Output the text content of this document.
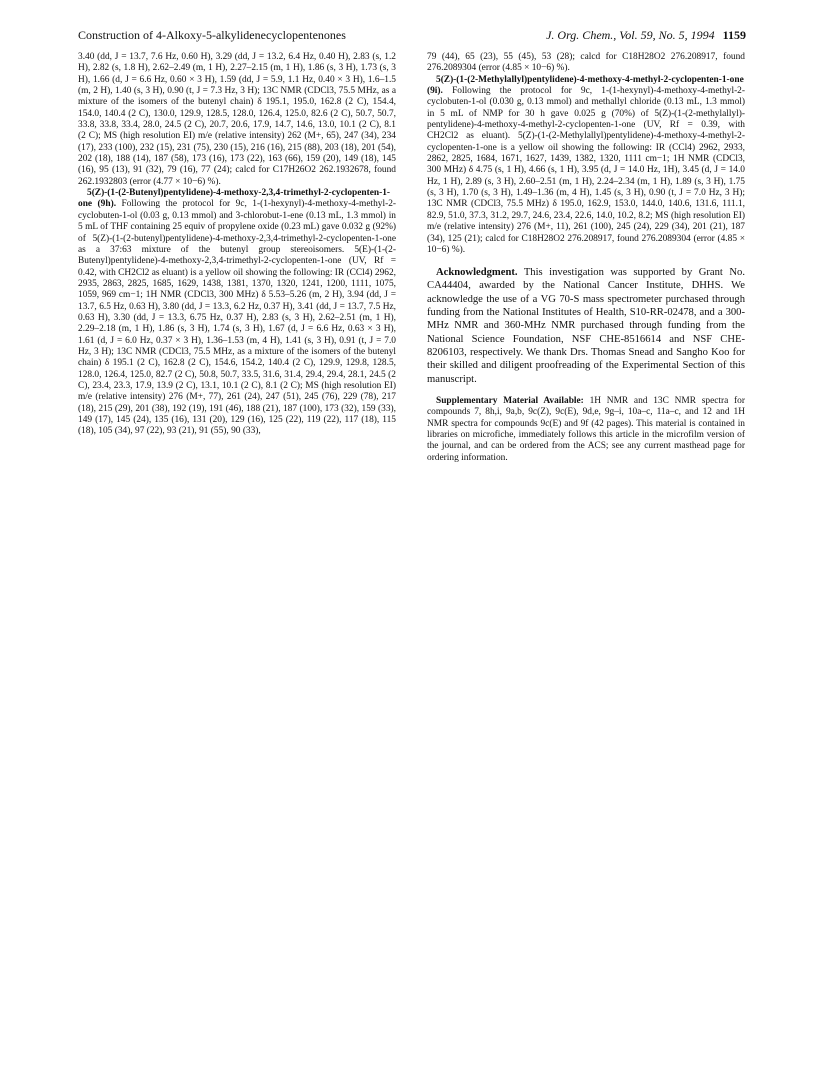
Construction of 4-Alkoxy-5-alkylidenecyclopentenones	J. Org. Chem., Vol. 59, No. 5, 1994 1159

3.40 (dd, J = 13.7, 7.6 Hz, 0.60 H), 3.29 (dd, J = 13.2, 6.4 Hz, 0.40 H), 2.83 (s, 1.2 H), 2.82 (s, 1.8 H), 2.62–2.49 (m, 1 H), 2.27–2.15 (m, 1 H), 1.86 (s, 3 H), 1.73 (s, 3 H), 1.66 (d, J = 6.6 Hz, 0.60 × 3 H), 1.59 (dd, J = 5.9, 1.1 Hz, 0.40 × 3 H), 1.6–1.5 (m, 2 H), 1.40 (s, 3 H), 0.90 (t, J = 7.3 Hz, 3 H); 13C NMR (CDCl3, 75.5 MHz, as a mixture of the isomers of the butenyl chain) δ 195.1, 195.0, 162.8 (2 C), 154.4, 154.0, 140.4 (2 C), 130.0, 129.9, 128.5, 128.0, 126.4, 125.0, 82.6 (2 C), 50.7, 50.7, 33.8, 33.8, 33.4, 28.0, 24.5 (2 C), 20.7, 20.6, 17.9, 14.7, 14.6, 13.0, 10.1 (2 C), 8.1 (2 C); MS (high resolution EI) m/e (relative intensity) 262 (M+, 65), 247 (34), 234 (17), 233 (100), 232 (15), 231 (75), 230 (15), 216 (16), 215 (88), 203 (18), 201 (54), 202 (18), 188 (14), 187 (58), 173 (16), 173 (22), 163 (66), 159 (20), 149 (18), 145 (16), 95 (13), 91 (32), 79 (16), 77 (24); calcd for C17H26O2 262.1932678, found 262.1932803 (error (4.77 × 10−6) %).

5(Z)-(1-(2-Butenyl)pentylidene)-4-methoxy-2,3,4-trimethyl-2-cyclopenten-1-one (9h). Following the protocol for 9c, 1-(1-hexynyl)-4-methoxy-4-methyl-2-cyclobuten-1-ol (0.03 g, 0.13 mmol) and 3-chlorobut-1-ene (0.13 mL, 1.3 mmol) in 5 mL of THF containing 25 equiv of propylene oxide (0.23 mL) gave 0.032 g (92%) of 5(Z)-(1-(2-butenyl)pentylidene)-4-methoxy-2,3,4-trimethyl-2-cyclopenten-1-one as a 37:63 mixture of the butenyl group stereoisomers. 5(E)-(1-(2-Butenyl)pentylidene)-4-methoxy-2,3,4-trimethyl-2-cyclopenten-1-one (UV, Rf = 0.42, with CH2Cl2 as eluant) is a yellow oil showing the following: IR (CCl4) 2962, 2935, 2863, 2825, 1685, 1629, 1438, 1381, 1370, 1320, 1241, 1200, 1111, 1075, 1059, 969 cm−1; 1H NMR (CDCl3, 300 MHz) δ 5.53–5.26 (m, 2 H), 3.94 (dd, J = 13.7, 6.5 Hz, 0.63 H), 3.80 (dd, J = 13.3, 6.2 Hz, 0.37 H), 3.41 (dd, J = 13.7, 7.5 Hz, 0.63 H), 3.30 (dd, J = 13.3, 6.75 Hz, 0.37 H), 2.83 (s, 3 H), 2.62–2.51 (m, 1 H), 2.29–2.18 (m, 1 H), 1.86 (s, 3 H), 1.74 (s, 3 H), 1.67 (d, J = 6.6 Hz, 0.63 × 3 H), 1.61 (d, J = 6.0 Hz, 0.37 × 3 H), 1.36–1.53 (m, 4 H), 1.41 (s, 3 H), 0.91 (t, J = 7.0 Hz, 3 H); 13C NMR (CDCl3, 75.5 MHz, as a mixture of the isomers of the butenyl chain) δ 195.1 (2 C), 162.8 (2 C), 154.6, 154.2, 140.4 (2 C), 129.9, 129.8, 128.5, 128.0, 126.4, 125.0, 82.7 (2 C), 50.8, 50.7, 33.5, 31.6, 31.4, 29.4, 29.4, 28.1, 24.5 (2 C), 23.4, 23.3, 17.9, 13.9 (2 C), 13.1, 10.1 (2 C), 8.1 (2 C); MS (high resolution EI) m/e (relative intensity) 276 (M+, 77), 261 (24), 247 (51), 245 (76), 229 (78), 217 (18), 215 (29), 201 (38), 192 (19), 191 (46), 188 (21), 187 (100), 173 (32), 159 (33), 149 (17), 145 (24), 135 (16), 131 (20), 129 (16), 125 (22), 119 (22), 117 (18), 115 (18), 105 (34), 97 (22), 93 (21), 91 (55), 90 (33),

79 (44), 65 (23), 55 (45), 53 (28); calcd for C18H28O2 276.208917, found 276.2089304 (error (4.85 × 10−6) %).

5(Z)-(1-(2-Methylallyl)pentylidene)-4-methoxy-4-methyl-2-cyclopenten-1-one (9i). Following the protocol for 9c, 1-(1-hexynyl)-4-methoxy-4-methyl-2-cyclobuten-1-ol (0.030 g, 0.13 mmol) and methallyl chloride (0.13 mL, 1.3 mmol) in 5 mL of NMP for 30 h gave 0.025 g (70%) of 5(Z)-(1-(2-methylallyl)-pentylidene)-4-methoxy-4-methyl-2-cyclopenten-1-one (UV, Rf = 0.39, with CH2Cl2 as eluant). 5(Z)-(1-(2-Methylallyl)pentylidene)-4-methoxy-4-methyl-2-cyclopenten-1-one is a yellow oil showing the following: IR (CCl4) 2962, 2933, 2862, 2825, 1684, 1671, 1627, 1439, 1382, 1320, 1111 cm−1; 1H NMR (CDCl3, 300 MHz) δ 4.75 (s, 1 H), 4.66 (s, 1 H), 3.95 (d, J = 14.0 Hz, 1H), 3.45 (d, J = 14.0 Hz, 1 H), 2.89 (s, 3 H), 2.60–2.51 (m, 1 H), 2.24–2.34 (m, 1 H), 1.89 (s, 3 H), 1.75 (s, 3 H), 1.70 (s, 3 H), 1.49–1.36 (m, 4 H), 1.45 (s, 3 H), 0.90 (t, J = 7.0 Hz, 3 H); 13C NMR (CDCl3, 75.5 MHz) δ 195.0, 162.9, 153.0, 144.0, 140.6, 131.6, 111.1, 82.9, 51.0, 37.3, 31.2, 29.7, 24.6, 23.4, 22.6, 14.0, 10.2, 8.2; MS (high resolution EI) m/e (relative intensity) 276 (M+, 11), 261 (100), 245 (24), 229 (34), 201 (21), 187 (34), 125 (21); calcd for C18H28O2 276.208917, found 276.2089304 (error (4.85 × 10−6) %).

Acknowledgment. This investigation was supported by Grant No. CA44404, awarded by the National Cancer Institute, DHHS. We acknowledge the use of a VG 70-S mass spectrometer purchased through funding from the National Institutes of Health, S10-RR-02478, and a 300-MHz NMR and 360-MHz NMR purchased through funding from the National Science Foundation, NSF CHE-8516614 and NSF CHE-8206103, respectively. We thank Drs. Thomas Snead and Sangho Koo for their skilled and diligent proofreading of the Experimental Section of this manuscript.

Supplementary Material Available: 1H NMR and 13C NMR spectra for compounds 7, 8h,i, 9a,b, 9c(Z), 9c(E), 9d,e, 9g–i, 10a–c, 11a–c, and 12 and 1H NMR spectra for compounds 9c(E) and 9f (42 pages). This material is contained in libraries on microfiche, immediately follows this article in the microfilm version of the journal, and can be ordered from the ACS; see any current masthead page for ordering information.
